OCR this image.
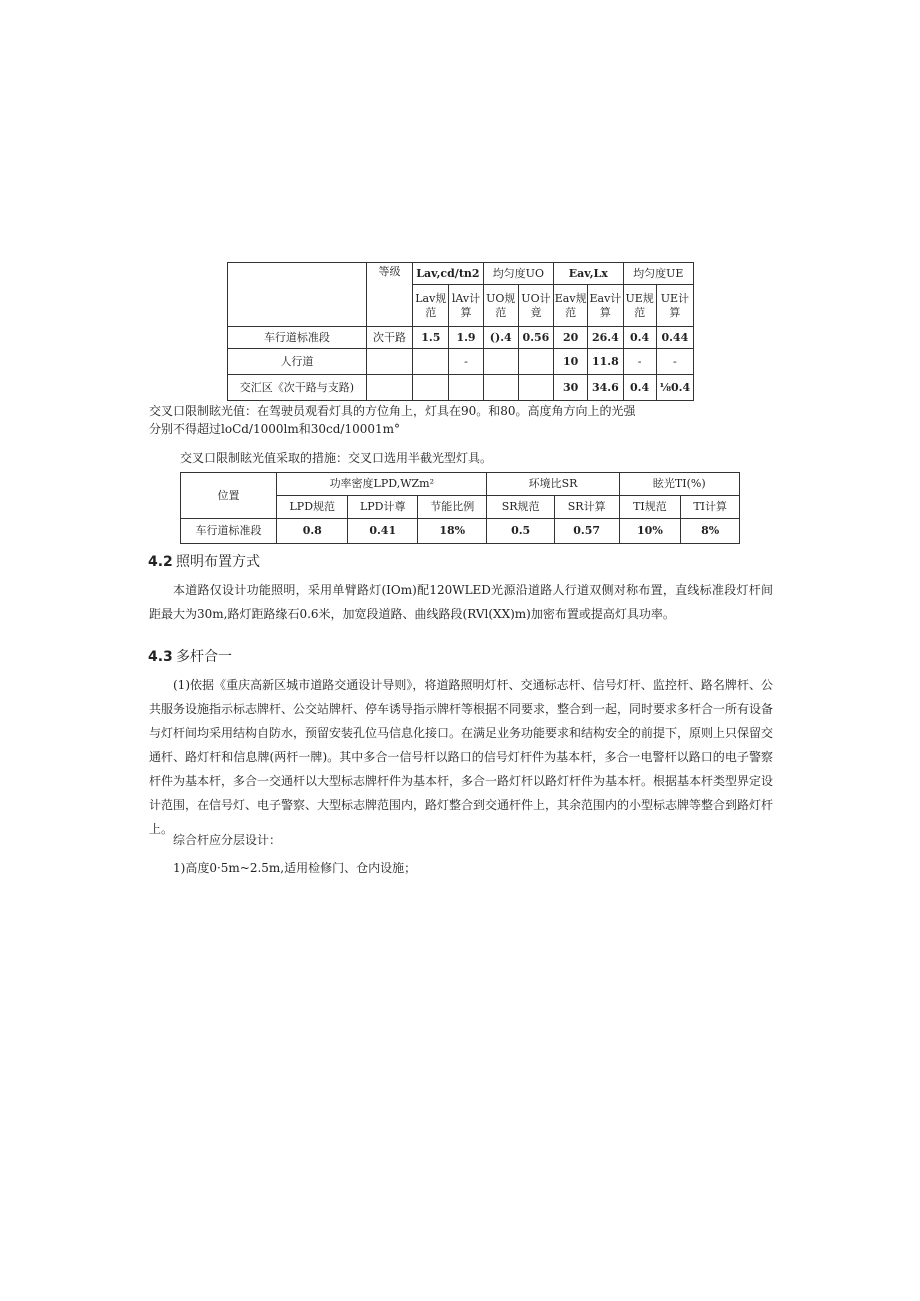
	等级	Lav,cd/tn2		均匀度UO		Eav,Lx		均匀度UE	
		Lav规范	lAv计算	UO规范	UO计竟	Eav规范	Eav计算	UE规范	UE计算
车行道标准段	次干路	1.5	1.9	().4	0.56	20	26.4	0.4	0.44
人行道			-			10	11.8	-	-
交汇区《次干路与支路)						30	34.6	0.4	⅛0.4
交叉口限制眩光值：在驾驶员观看灯具的方位角上，灯具在90。和80。高度角方向上的光强
分别不得超过loCd/1000lm和30cd/10001m°
交叉口限制眩光值采取的措施：交叉口选用半截光型灯具。
位置	功率密度LPD,WZm²			环境比SR		眩光TI(%)	
	LPD规范	LPD计尊	节能比例	SR规范	SR计算	TI规范	TI计算
车行道标准段	0.8	0.41	18%	0.5	0.57	10%	8%
4.2 照明布置方式
本道路仅设计功能照明，采用单臂路灯(IOm)配120WLED光源沿道路人行道双侧对称布置，直线标准段灯杆间距最大为30m,路灯距路缘石0.6米，加宽段道路、曲线路段(RVl(XX)m)加密布置或提高灯具功率。
4.3 多杆合一
(1)依据《重庆高新区城市道路交通设计导则》，将道路照明灯杆、交通标志杆、信号灯杆、监控杆、路名牌杆、公共服务设施指示标志牌杆、公交站牌杆、停车诱导指示牌杆等根据不同要求，整合到一起，同时要求多杆合一所有设备与灯杆间均采用结构自防水，预留安装孔位马信息化接口。在满足业务功能要求和结构安全的前提下，原则上只保留交通杆、路灯杆和信息牌(两杆一牌)。其中多合一信号杆以路口的信号灯杆件为基本杆，多合一电警杆以路口的电子警察杆件为基本杆，多合一交通杆以大型标志牌杆件为基本杆，多合一路灯杆以路灯杆件为基本杆。根据基本杆类型界定设计范围，在信号灯、电子警察、大型标志牌范围内，路灯整合到交通杆件上，其余范围内的小型标志牌等整合到路灯杆上。
综合杆应分层设计：
1)高度0·5m~2.5m,适用检修门、仓内设施；
